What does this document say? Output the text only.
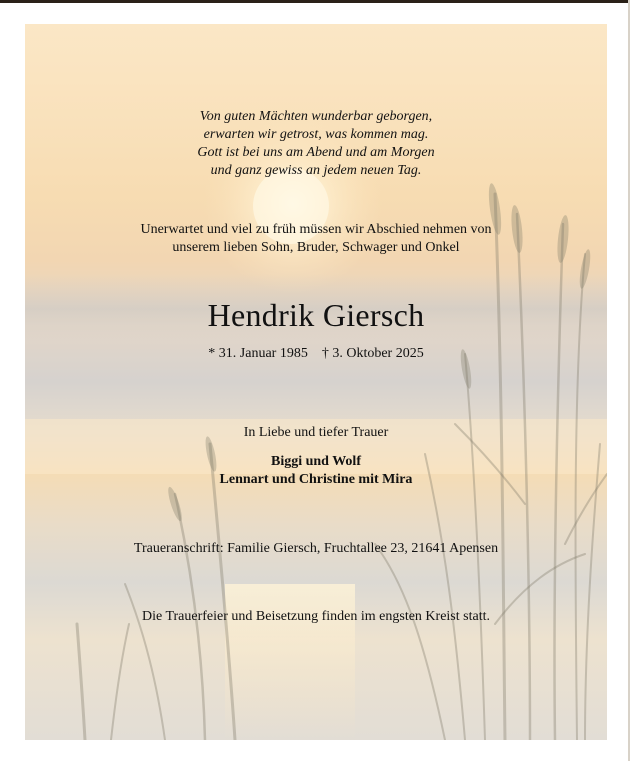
Von guten Mächten wunderbar geborgen,
erwarten wir getrost, was kommen mag.
Gott ist bei uns am Abend und am Morgen
und ganz gewiss an jedem neuen Tag.
Unerwartet und viel zu früh müssen wir Abschied nehmen von
unserem lieben Sohn, Bruder, Schwager und Onkel
Hendrik Giersch
* 31. Januar 1985 † 3. Oktober 2025
In Liebe und tiefer Trauer
Biggi und Wolf
Lennart und Christine mit Mira
Traueranschrift: Familie Giersch, Fruchtallee 23, 21641 Apensen
Die Trauerfeier und Beisetzung finden im engsten Kreist statt.
